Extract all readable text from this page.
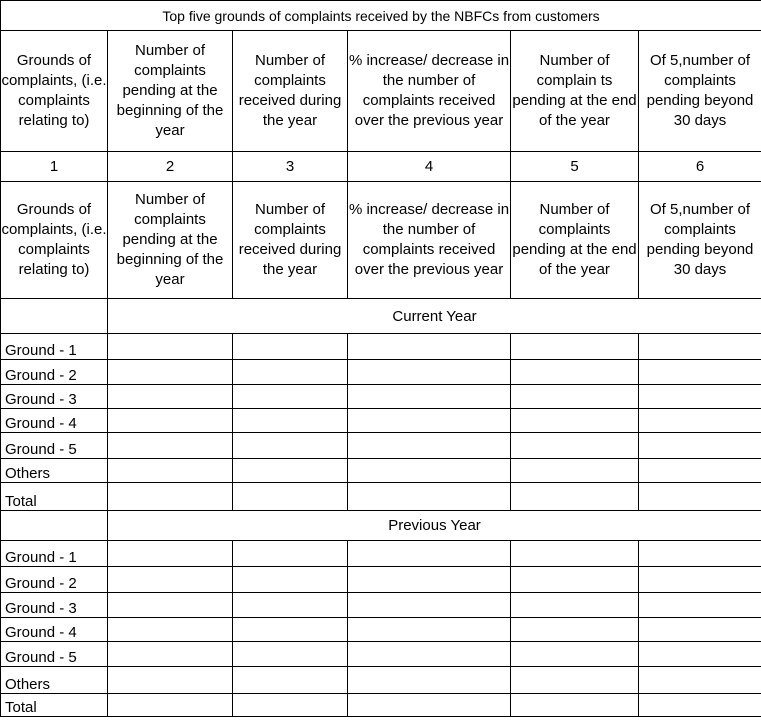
Top five grounds of complaints received by the NBFCs from customers					
Grounds of complaints, (i.e. complaints relating to)	Number of complaints pending at the beginning of the year	Number of complaints received during the year	% increase/ decrease in the number of complaints received over the previous year	Number of complain ts pending at the end of the year	Of 5,number of complaints pending beyond 30 days
1	2	3	4	5	6
Grounds of complaints, (i.e. complaints relating to)	Number of complaints pending at the beginning of the year	Number of complaints received during the year	% increase/ decrease in the number of complaints received over the previous year	Number of complaints pending at the end of the year	Of 5,number of complaints pending beyond 30 days
	Current Year				
Ground - 1					
Ground - 2					
Ground - 3					
Ground - 4					
Ground - 5					
Others					
Total					
	Previous Year				
Ground - 1					
Ground - 2					
Ground - 3					
Ground - 4					
Ground - 5					
Others					
Total					
